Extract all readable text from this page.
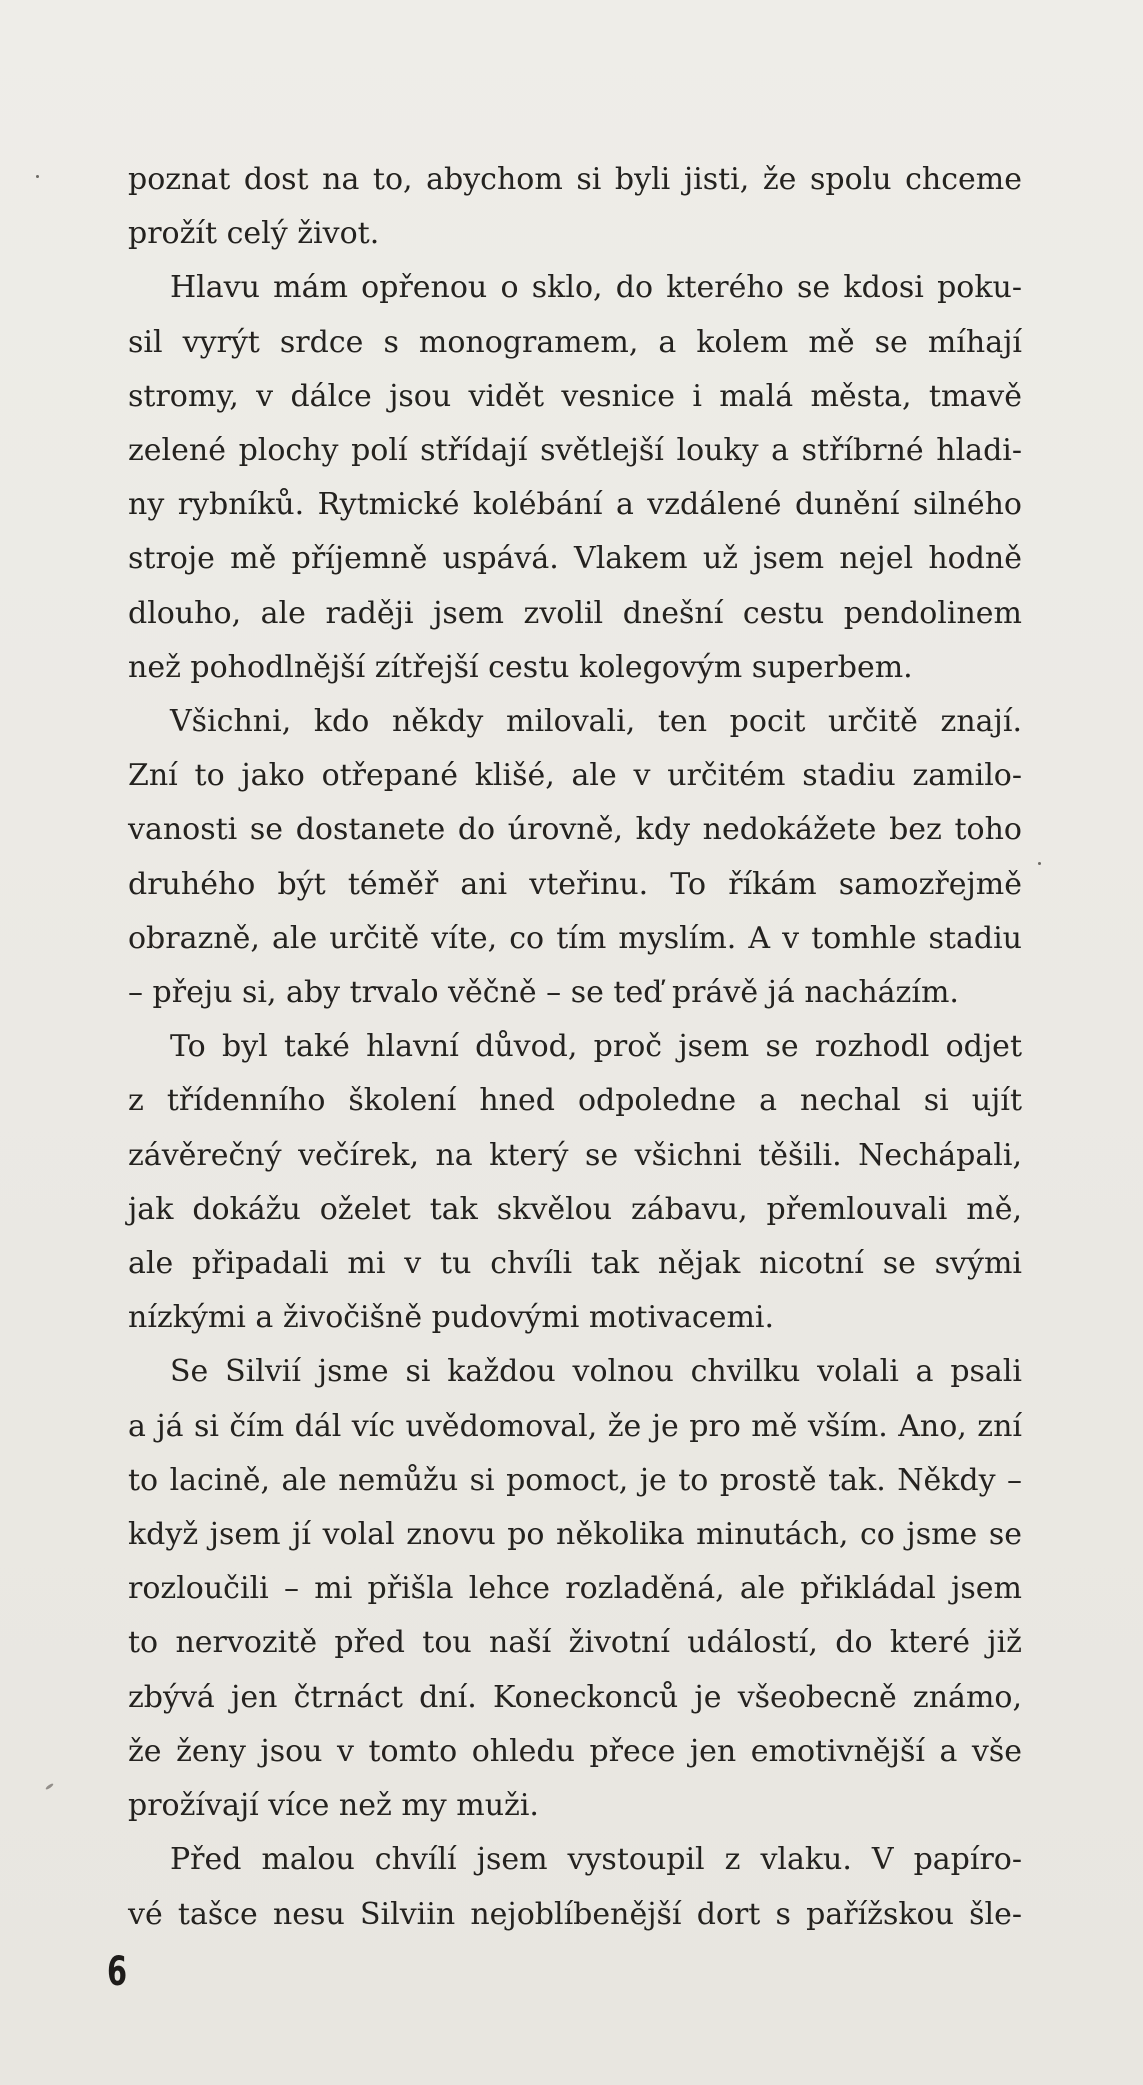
poznat dost na to, abychom si byli jisti, že spolu chceme
prožít celý život.
Hlavu mám opřenou o sklo, do kterého se kdosi poku-
sil vyrýt srdce s monogramem, a kolem mě se míhají
stromy, v dálce jsou vidět vesnice i malá města, tmavě
zelené plochy polí střídají světlejší louky a stříbrné hladi-
ny rybníků. Rytmické kolébání a vzdálené dunění silného
stroje mě příjemně uspává. Vlakem už jsem nejel hodně
dlouho, ale raději jsem zvolil dnešní cestu pendolinem
než pohodlnější zítřejší cestu kolegovým superbem.
Všichni, kdo někdy milovali, ten pocit určitě znají.
Zní to jako otřepané klišé, ale v určitém stadiu zamilo-
vanosti se dostanete do úrovně, kdy nedokážete bez toho
druhého být téměř ani vteřinu. To říkám samozřejmě
obrazně, ale určitě víte, co tím myslím. A v tomhle stadiu
– přeju si, aby trvalo věčně – se teď právě já nacházím.
To byl také hlavní důvod, proč jsem se rozhodl odjet
z třídenního školení hned odpoledne a nechal si ujít
závěrečný večírek, na který se všichni těšili. Nechápali,
jak dokážu oželet tak skvělou zábavu, přemlouvali mě,
ale připadali mi v tu chvíli tak nějak nicotní se svými
nízkými a živočišně pudovými motivacemi.
Se Silvií jsme si každou volnou chvilku volali a psali
a já si čím dál víc uvědomoval, že je pro mě vším. Ano, zní
to lacině, ale nemůžu si pomoct, je to prostě tak. Někdy –
když jsem jí volal znovu po několika minutách, co jsme se
rozloučili – mi přišla lehce rozladěná, ale přikládal jsem
to nervozitě před tou naší životní událostí, do které již
zbývá jen čtrnáct dní. Koneckonců je všeobecně známo,
že ženy jsou v tomto ohledu přece jen emotivnější a vše
prožívají více než my muži.
Před malou chvílí jsem vystoupil z vlaku. V papíro-
vé tašce nesu Silviin nejoblíbenější dort s pařížskou šle-
6
